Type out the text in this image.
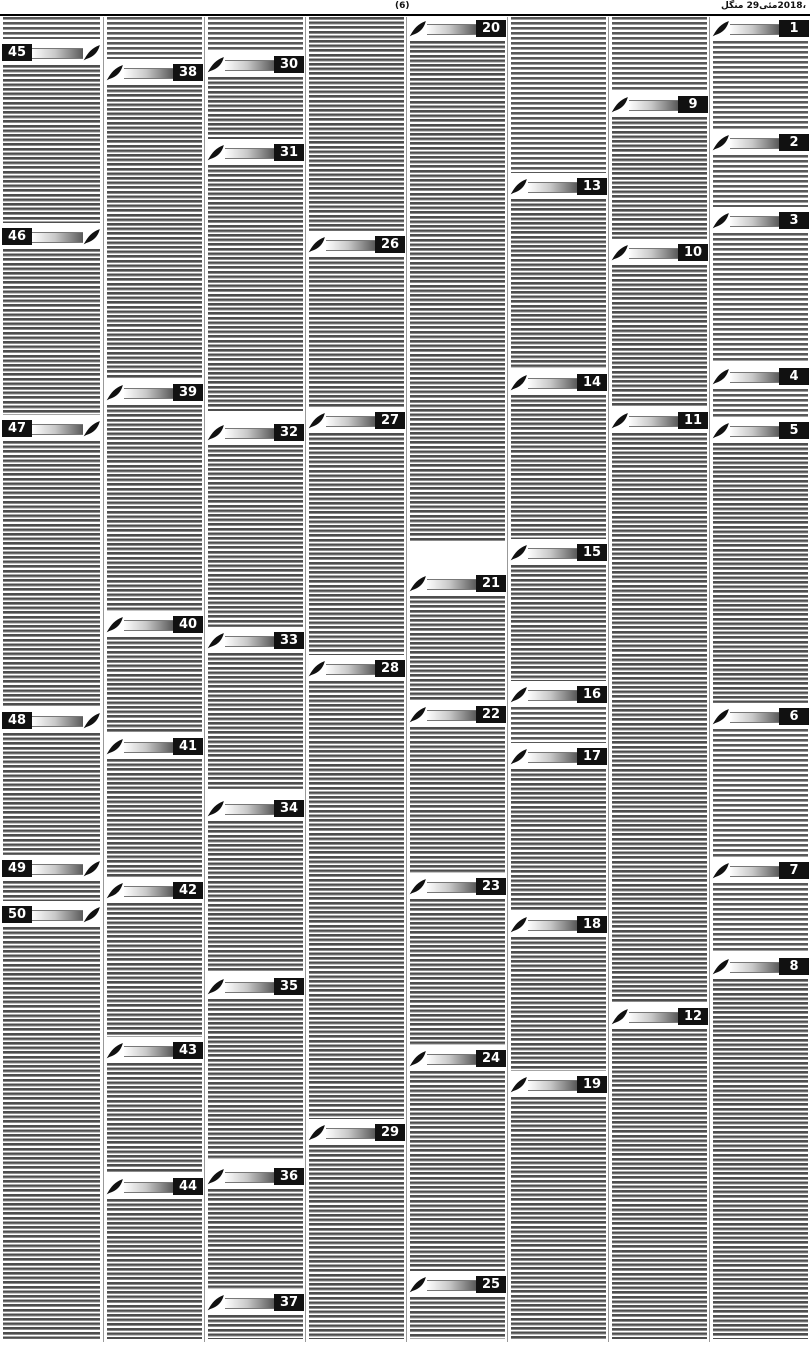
(6)	،2018مئی29 منگل
1
2
3
4
5
6
7
8
9
10
11
12
13
14
15
16
17
18
19
20
21
22
23
24
25
26
27
28
29
30
31
32
33
34
35
36
37
38
39
40
41
42
43
44
45
46
47
48
49
50
